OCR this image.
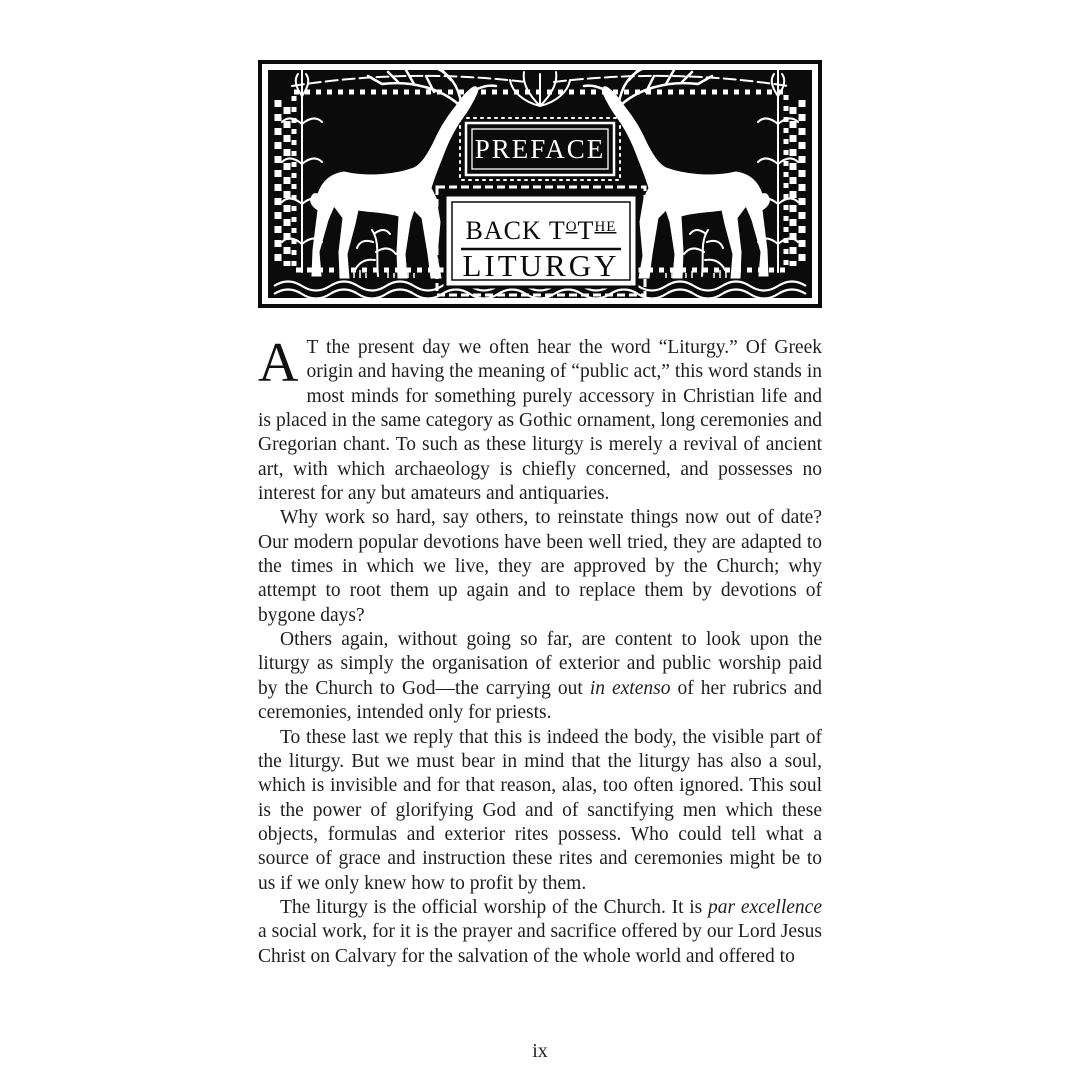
PREFACE
BACK $T^OT^{HE}$
LITURGY

A T the present day we often hear the word “Liturgy.” Of Greek origin and having the meaning of “public act,” this word stands in most minds for something purely accessory in Christian life and is placed in the same category as Gothic ornament, long ceremonies and Gregorian chant. To such as these liturgy is merely a revival of ancient art, with which archaeology is chiefly concerned, and possesses no interest for any but amateurs and antiquaries.

Why work so hard, say others, to reinstate things now out of date? Our modern popular devotions have been well tried, they are adapted to the times in which we live, they are approved by the Church; why attempt to root them up again and to replace them by devotions of bygone days?

Others again, without going so far, are content to look upon the liturgy as simply the organisation of exterior and public worship paid by the Church to God—the carrying out in extenso of her rubrics and ceremonies, intended only for priests.

To these last we reply that this is indeed the body, the visible part of the liturgy. But we must bear in mind that the liturgy has also a soul, which is invisible and for that reason, alas, too often ignored. This soul is the power of glorifying God and of sanctifying men which these objects, formulas and exterior rites possess. Who could tell what a source of grace and instruction these rites and ceremonies might be to us if we only knew how to profit by them.

The liturgy is the official worship of the Church. It is par excellence a social work, for it is the prayer and sacrifice offered by our Lord Jesus Christ on Calvary for the salvation of the whole world and offered to

ix
